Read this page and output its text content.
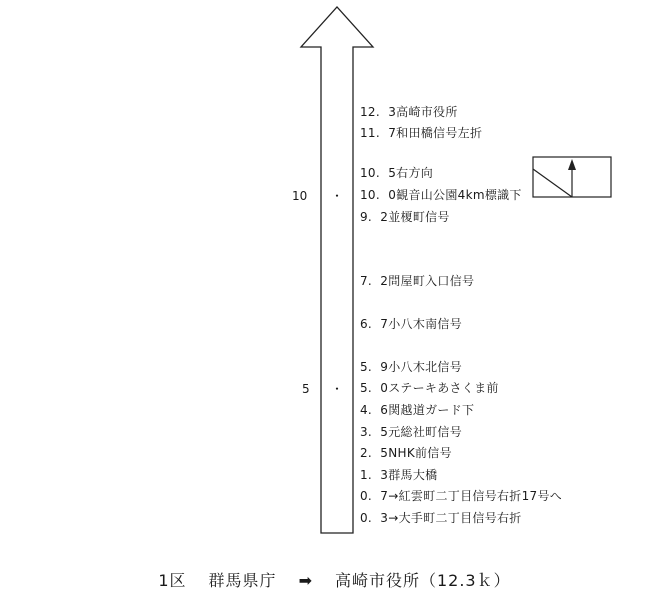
10 ・
5 ・
12. 3高崎市役所
11. 7和田橋信号左折
10. 5右方向
10. 0観音山公園4km標識下
9. 2並榎町信号
7. 2問屋町入口信号
6. 7小八木南信号
5. 9小八木北信号
5. 0ステーキあさくま前
4. 6関越道ガード下
3. 5元総社町信号
2. 5NHK前信号
1. 3群馬大橋
0. 7→紅雲町二丁目信号右折17号へ
0. 3→大手町二丁目信号右折
1区 群馬県庁 ➡ 高崎市役所（12.3ｋ）
